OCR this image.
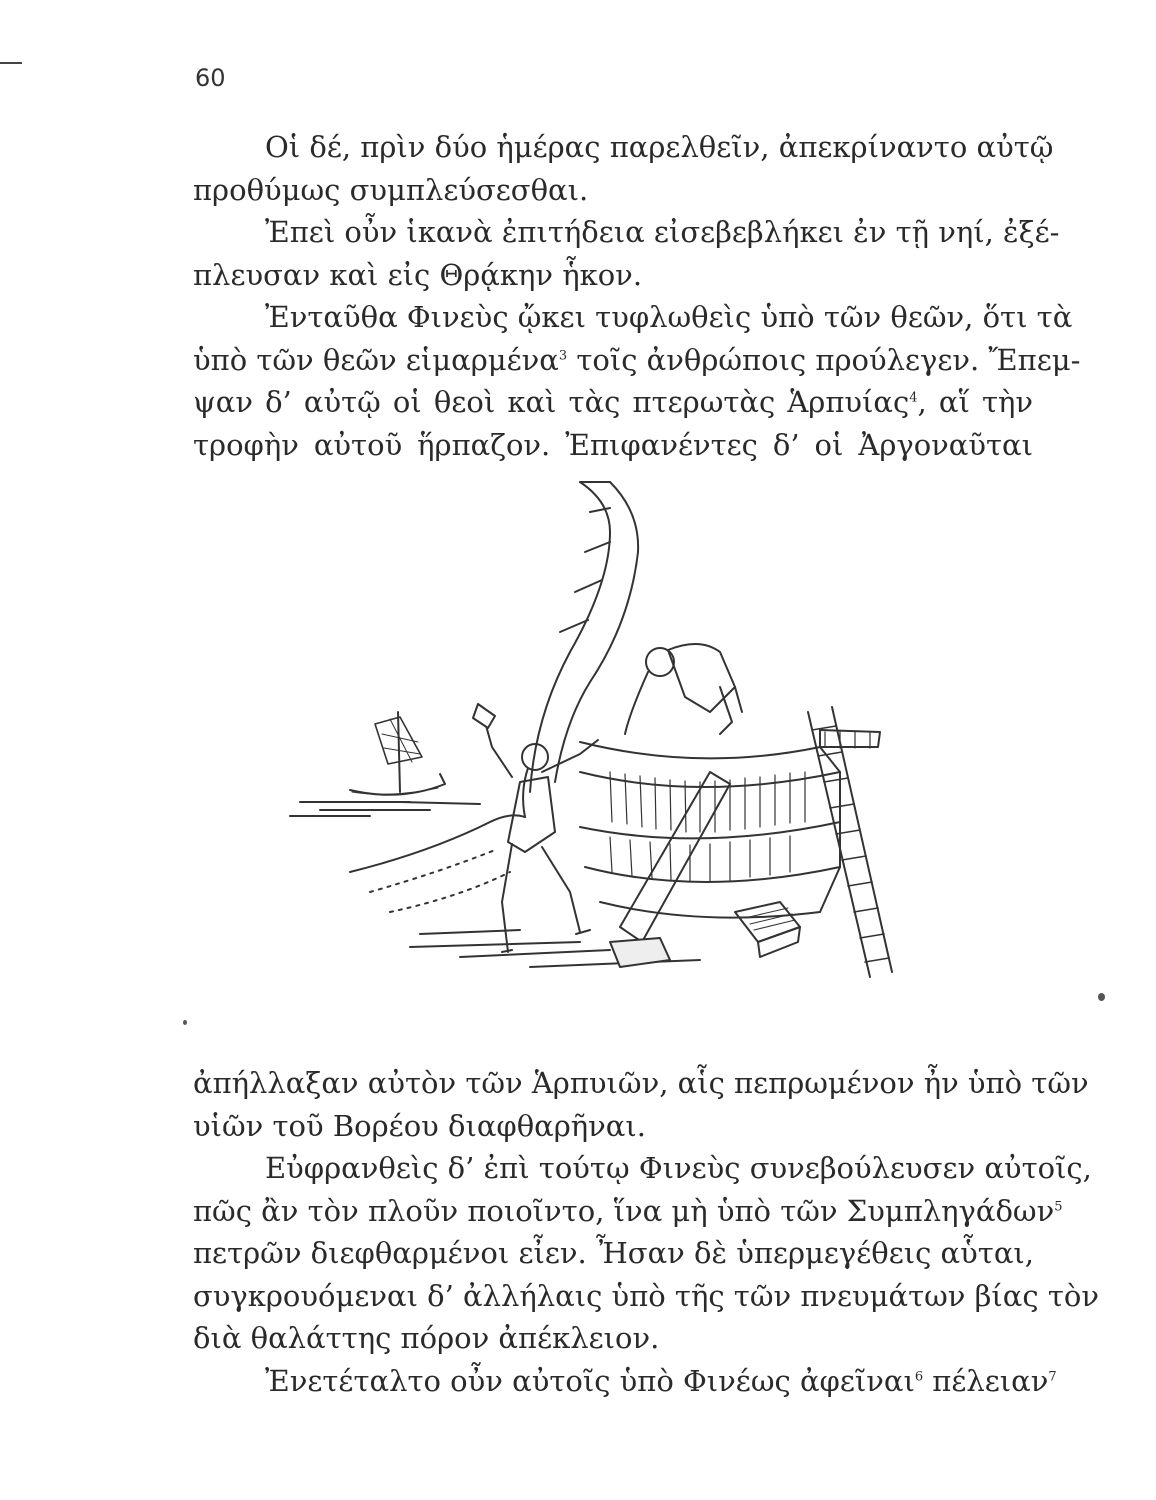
60
Οἱ δέ, πρὶν δύο ἡμέρας παρελθεῖν, ἀπεκρίναντο αὐτῷ
προθύμως συμπλεύσεσθαι.
Ἐπεὶ οὖν ἱκανὰ ἐπιτήδεια εἰσεβεβλήκει ἐν τῇ νηί, ἐξέ-
πλευσαν καὶ εἰς Θρᾴκην ἧκον.
Ἐνταῦθα Φινεὺς ᾤκει τυφλωθεὶς ὑπὸ τῶν θεῶν, ὅτι τὰ
ὑπὸ τῶν θεῶν εἱμαρμένα$^3$ τοῖς ἀνθρώποις προύλεγεν. Ἔπεμ-
ψαν δ’ αὐτῷ οἱ θεοὶ καὶ τὰς πτερωτὰς Ἁρπυίας$^4$, αἵ τὴν
τροφὴν αὐτοῦ ἥρπαζον. Ἐπιφανέντες δ’ οἱ Ἀργοναῦται
ἀπήλλαξαν αὐτὸν τῶν Ἁρπυιῶν, αἷς πεπρωμένον ἦν ὑπὸ τῶν
υἱῶν τοῦ Βορέου διαφθαρῆναι.
Εὐφρανθεὶς δ’ ἐπὶ τούτῳ Φινεὺς συνεβούλευσεν αὐτοῖς,
πῶς ἂν τὸν πλοῦν ποιοῖντο, ἵνα μὴ ὑπὸ τῶν Συμπληγάδων$^5$
πετρῶν διεφθαρμένοι εἶεν. Ἦσαν δὲ ὑπερμεγέθεις αὗται,
συγκρουόμεναι δ’ ἀλλήλαις ὑπὸ τῆς τῶν πνευμάτων βίας τὸν
διὰ θαλάττης πόρον ἀπέκλειον.
Ἐνετέταλτο οὖν αὐτοῖς ὑπὸ Φινέως ἀφεῖναι$^6$ πέλειαν$^7$
